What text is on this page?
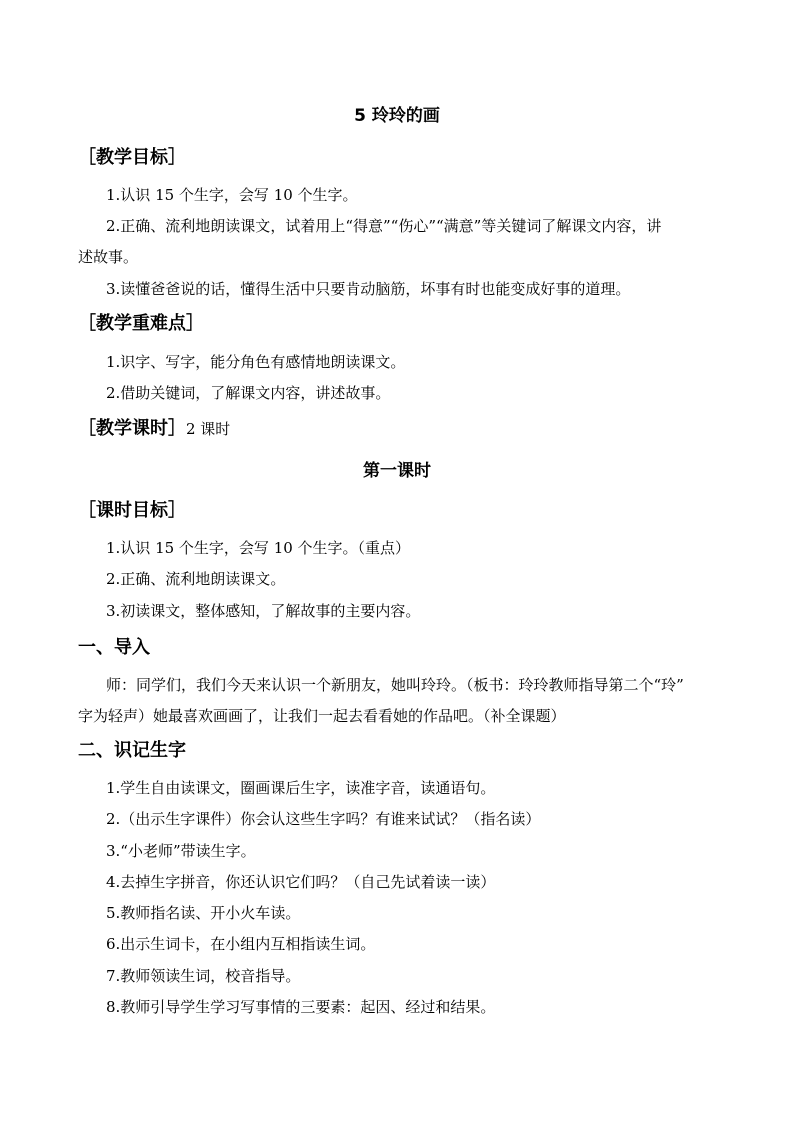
5 玲玲的画
［教学目标］
1.认识 15 个生字，会写 10 个生字。
2.正确、流利地朗读课文，试着用上“得意”“伤心”“满意”等关键词了解课文内容，讲
述故事。
3.读懂爸爸说的话，懂得生活中只要肯动脑筋，坏事有时也能变成好事的道理。
［教学重难点］
1.识字、写字，能分角色有感情地朗读课文。
2.借助关键词，了解课文内容，讲述故事。
［教学课时］2 课时
第一课时
［课时目标］
1.认识 15 个生字，会写 10 个生字。（重点）
2.正确、流利地朗读课文。
3.初读课文，整体感知，了解故事的主要内容。
一、导入
师：同学们，我们今天来认识一个新朋友，她叫玲玲。（板书：玲玲教师指导第二个“玲”
字为轻声）她最喜欢画画了，让我们一起去看看她的作品吧。（补全课题）
二、识记生字
1.学生自由读课文，圈画课后生字，读准字音，读通语句。
2.（出示生字课件）你会认这些生字吗？有谁来试试？（指名读）
3.“小老师”带读生字。
4.去掉生字拼音，你还认识它们吗？（自己先试着读一读）
5.教师指名读、开小火车读。
6.出示生词卡，在小组内互相指读生词。
7.教师领读生词，校音指导。
8.教师引导学生学习写事情的三要素：起因、经过和结果。
